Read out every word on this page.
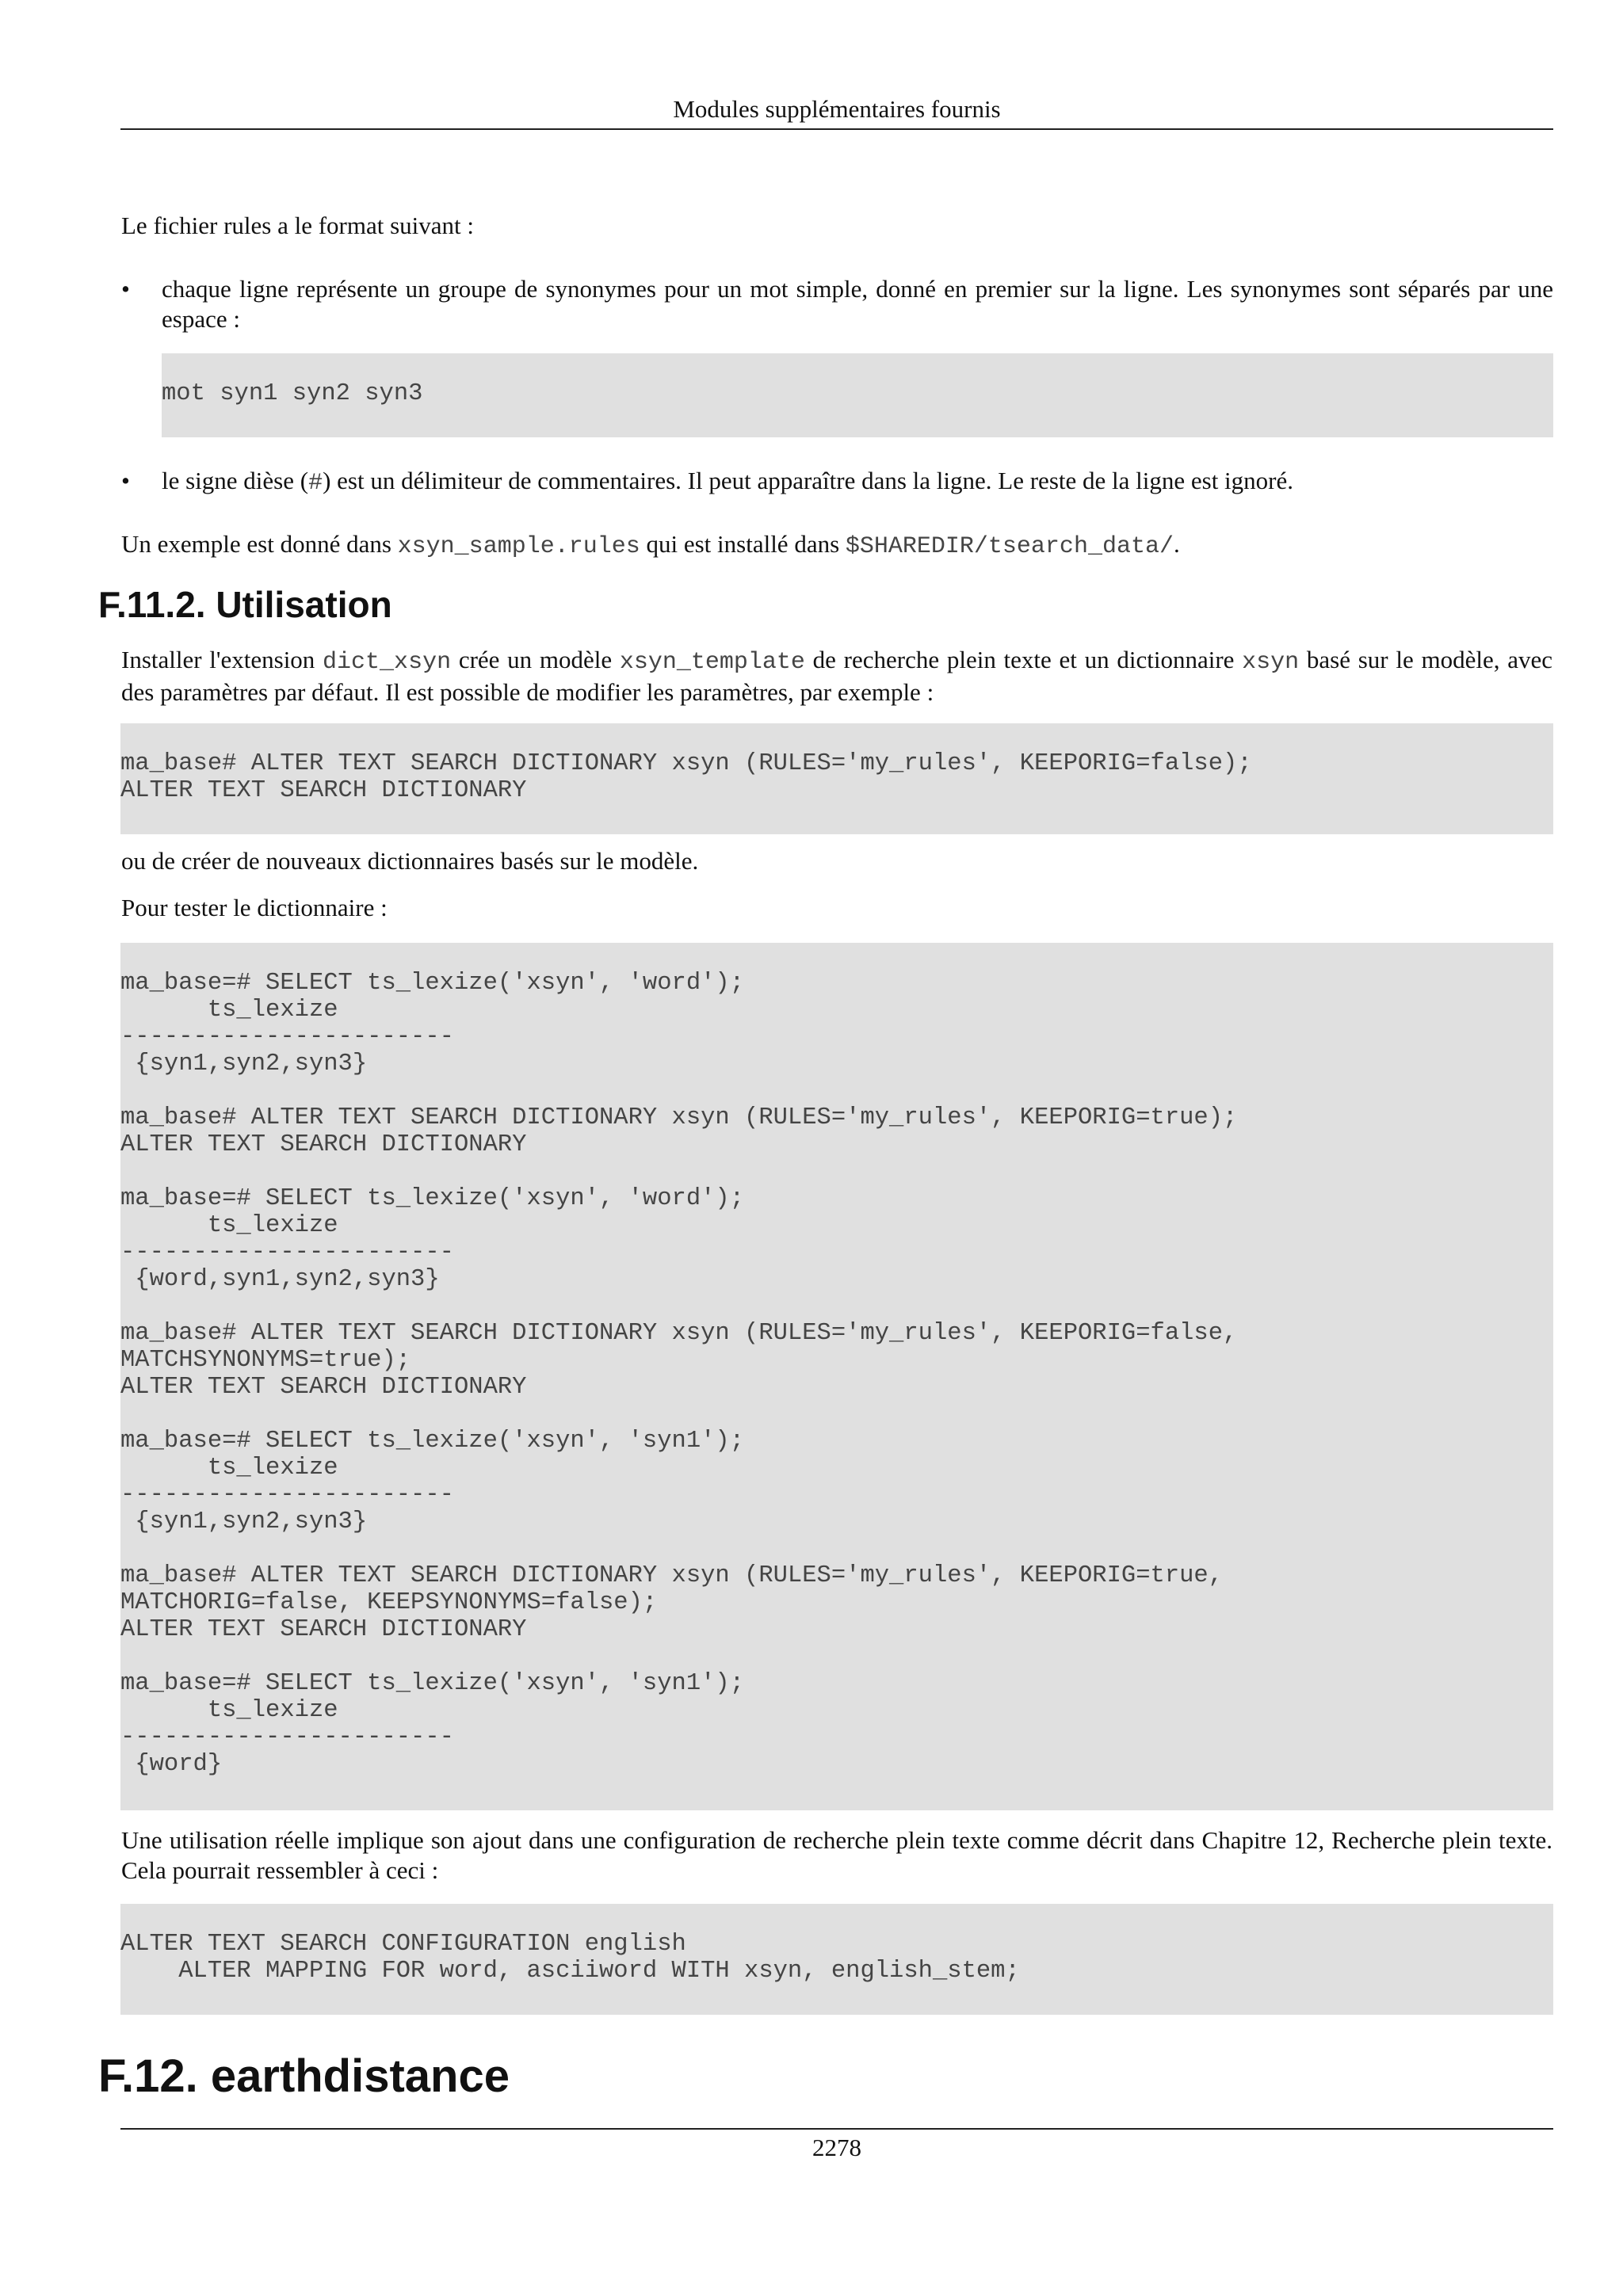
Modules supplémentaires fournis

Le fichier rules a le format suivant :

• chaque ligne représente un groupe de synonymes pour un mot simple, donné en premier sur la ligne. Les synonymes sont séparés par une espace :

mot syn1 syn2 syn3
• le signe dièse (#) est un délimiteur de commentaires. Il peut apparaître dans la ligne. Le reste de la ligne est ignoré.

Un exemple est donné dans xsyn_sample.rules qui est installé dans $SHAREDIR/tsearch_data/.

F.11.2. Utilisation

Installer l'extension dict_xsyn crée un modèle xsyn_template de recherche plein texte et un dictionnaire xsyn basé sur le modèle, avec des paramètres par défaut. Il est possible de modifier les paramètres, par exemple :

ma_base# ALTER TEXT SEARCH DICTIONARY xsyn (RULES='my_rules', KEEPORIG=false);
ALTER TEXT SEARCH DICTIONARY

ou de créer de nouveaux dictionnaires basés sur le modèle.

Pour tester le dictionnaire :

ma_base=# SELECT ts_lexize('xsyn', 'word');
ts_lexize
-----------------------
{syn1,syn2,syn3}

ma_base# ALTER TEXT SEARCH DICTIONARY xsyn (RULES='my_rules', KEEPORIG=true);
ALTER TEXT SEARCH DICTIONARY

ma_base=# SELECT ts_lexize('xsyn', 'word');
ts_lexize
-----------------------
{word,syn1,syn2,syn3}

ma_base# ALTER TEXT SEARCH DICTIONARY xsyn (RULES='my_rules', KEEPORIG=false,
MATCHSYNONYMS=true);
ALTER TEXT SEARCH DICTIONARY

ma_base=# SELECT ts_lexize('xsyn', 'syn1');
ts_lexize
-----------------------
{syn1,syn2,syn3}

ma_base# ALTER TEXT SEARCH DICTIONARY xsyn (RULES='my_rules', KEEPORIG=true,
MATCHORIG=false, KEEPSYNONYMS=false);
ALTER TEXT SEARCH DICTIONARY

ma_base=# SELECT ts_lexize('xsyn', 'syn1');
ts_lexize
-----------------------
{word}

Une utilisation réelle implique son ajout dans une configuration de recherche plein texte comme décrit dans Chapitre 12, Recherche plein texte. Cela pourrait ressembler à ceci :

ALTER TEXT SEARCH CONFIGURATION english
ALTER MAPPING FOR word, asciiword WITH xsyn, english_stem;
F.12. earthdistance
2278
